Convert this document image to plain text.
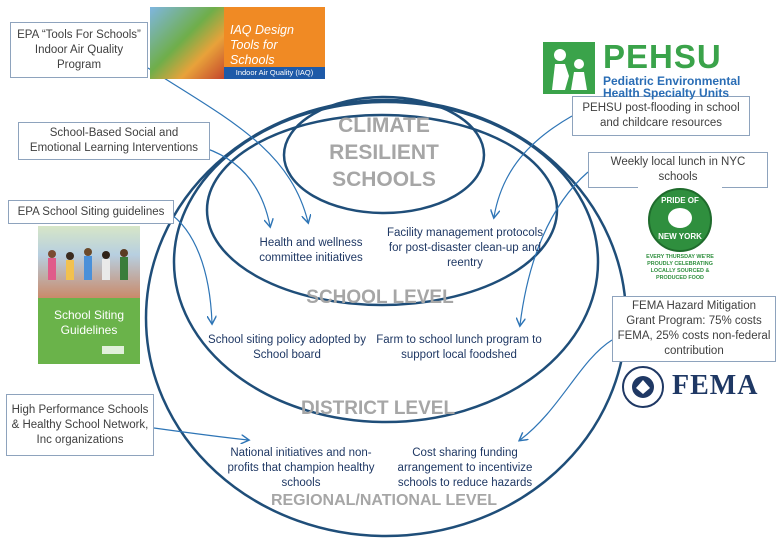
CLIMATE
RESILIENT
SCHOOLS
SCHOOL LEVEL
DISTRICT LEVEL
REGIONAL/NATIONAL LEVEL
Health and wellness committee initiatives
Facility management protocols for post-disaster clean-up and reentry
School siting policy adopted by School board
Farm to school lunch program to support local foodshed
National initiatives and non-profits that champion healthy schools
Cost sharing funding arrangement to incentivize schools to reduce hazards
EPA “Tools For Schools” Indoor Air Quality Program
School-Based Social and Emotional Learning Interventions
EPA School Siting guidelines
High Performance Schools & Healthy School Network, Inc organizations
PEHSU post-flooding in school and childcare resources
Weekly local lunch in NYC schools
FEMA Hazard Mitigation Grant Program: 75% costs FEMA, 25% costs non-federal contribution
IAQ Design Tools for Schools
Indoor Air Quality (IAQ)	PEHSU
Pediatric Environmental
Health Specialty Units
School Siting Guidelines
PRIDE OF
NEW YORK
EVERY THURSDAY WE'RE PROUDLY CELEBRATING LOCALLY SOURCED & PRODUCED FOOD
FEMA
